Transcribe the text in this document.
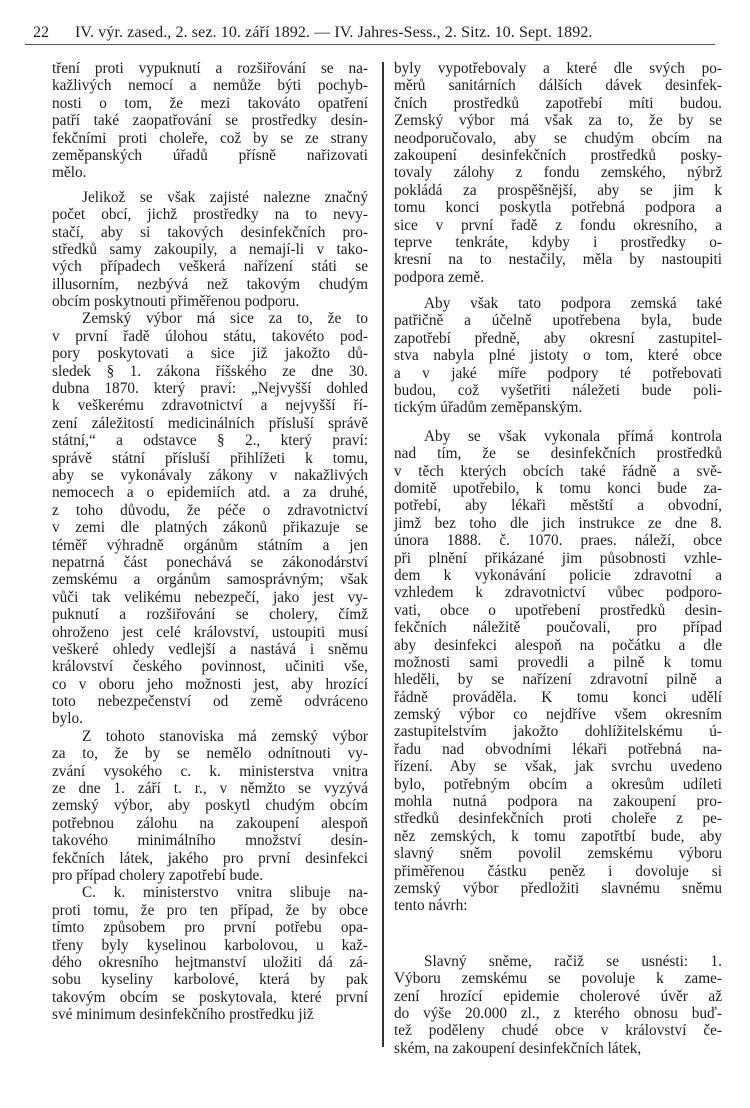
22 IV. výr. zased., 2. sez. 10. září 1892. — IV. Jahres-Sess., 2. Sitz. 10. Sept. 1892.
tření proti vypuknutí a rozšiřování se na-
kažlivých nemocí a nemůže býti pochyb-
nosti o tom, že mezi takováto opatření
patří také zaopatřování se prostředky desin-
fekčními proti choleře, což by se ze strany
zeměpanských úřadů přísně nařizovati
mělo.
Jelikož se však zajisté nalezne značný
počet obcí, jichž prostředky na to nevy-
stačí, aby si takových desinfekčních pro-
středků samy zakoupily, a nemají-li v tako-
vých případech veškerá nařízení státi se
illusorním, nezbývá než takovým chudým
obcím poskytnouti přiměřenou podporu.
Zemský výbor má sice za to, že to
v první řadě úlohou státu, takovéto pod-
pory poskytovati a sice již jakožto dů-
sledek § 1. zákona říšského ze dne 30.
dubna 1870. který praví: „Nejvyšší dohled
k veškerému zdravotnictví a nejvyšší ří-
zení záležitostí medicinálních přísluší správě
státní,“ a odstavce § 2., který praví:
správě státní přísluší přihlížeti k tomu,
aby se vykonávaly zákony v nakažlivých
nemocech a o epidemiích atd. a za druhé,
z toho důvodu, že péče o zdravotnictví
v zemi dle platných zákonů přikazuje se
téměř výhradně orgánům státním a jen
nepatrná část ponechává se zákonodárství
zemskému a orgánům samosprávným; však
vůči tak velikému nebezpečí, jako jest vy-
puknutí a rozšiřování se cholery, čímž
ohroženo jest celé království, ustoupiti musí
veškeré ohledy vedlejší a nastává i sněmu
království českého povinnost, učiniti vše,
co v oboru jeho možnosti jest, aby hrozící
toto nebezpečenství od země odvráceno
bylo.
Z tohoto stanoviska má zemský výbor
za to, že by se nemělo odnítnouti vy-
zvání vysokého c. k. ministerstva vnitra
ze dne 1. září t. r., v němžto se vyzývá
zemský výbor, aby poskytl chudým obcím
potřebnou zálohu na zakoupení alespoň
takového minimálního množství desin-
fekčních látek, jakého pro první desinfekci
pro případ cholery zapotřebí bude.
C. k. ministerstvo vnitra slibuje na-
proti tomu, že pro ten případ, že by obce
tímto způsobem pro první potřebu opa-
třeny byly kyselinou karbolovou, u kaž-
dého okresního hejtmanství uložiti dá zá-
sobu kyseliny karbolové, která by pak
takovým obcím se poskytovala, které první
své minimum desinfekčního prostředku již
byly vypotřebovaly a které dle svých po-
měrů sanitárních dálších dávek desinfek-
čních prostředků zapotřebí míti budou.
Zemský výbor má však za to, že by se
neodporučovalo, aby se chudým obcím na
zakoupení desinfekčních prostředků posky-
tovaly zálohy z fondu zemského, nýbrž
pokládá za prospěšnější, aby se jim k
tomu konci poskytla potřebná podpora a
sice v první řadě z fondu okresního, a
teprve tenkráte, kdyby i prostředky o-
kresní na to nestačily, měla by nastoupiti
podpora země.
Aby však tato podpora zemská také
patřičně a účelně upotřebena byla, bude
zapotřebí předně, aby okresní zastupitel-
stva nabyla plné jistoty o tom, které obce
a v jaké míře podpory té potřebovati
budou, což vyšetřiti náležeti bude poli-
tickým úřadům zeměpanským.
Aby se však vykonala přímá kontrola
nad tím, že se desinfekčních prostředků
v těch kterých obcích také řádně a svě-
domitě upotřebilo, k tomu konci bude za-
potřebí, aby lékaři městští a obvodní,
jimž bez toho dle jich instrukce ze dne 8.
února 1888. č. 1070. praes. náleží, obce
při plnění přikázané jim působnosti vzhle-
dem k vykonávání policie zdravotní a
vzhledem k zdravotnictví vůbec podporo-
vati, obce o upotřebení prostředků desin-
fekčních náležitě poučovali, pro případ
aby desinfekci alespoň na počátku a dle
možnosti sami provedli a pilně k tomu
hleděli, by se nařízení zdravotní pilně a
řádně prováděla. K tomu konci udělí
zemský výbor co nejdříve všem okresním
zastupitelstvím jakožto dohlížitelskému ú-
řadu nad obvodními lékaři potřebná na-
řízení. Aby se však, jak svrchu uvedeno
bylo, potřebným obcím a okresům udíleti
mohla nutná podpora na zakoupení pro-
středků desinfekčních proti choleře z pe-
něz zemských, k tomu zapotřtbí bude, aby
slavný sněm povolil zemskému výboru
přiměřenou částku peněz i dovoluje si
zemský výbor předložiti slavnému sněmu
tento návrh:
Slavný sněme, račiž se usnésti: 1.
Výboru zemskému se povoluje k zame-
zení hrozící epidemie cholerové úvěr až
do výše 20.000 zl., z kterého obnosu buď-
tež poděleny chudé obce v království če-
ském, na zakoupení desinfekčních látek,
